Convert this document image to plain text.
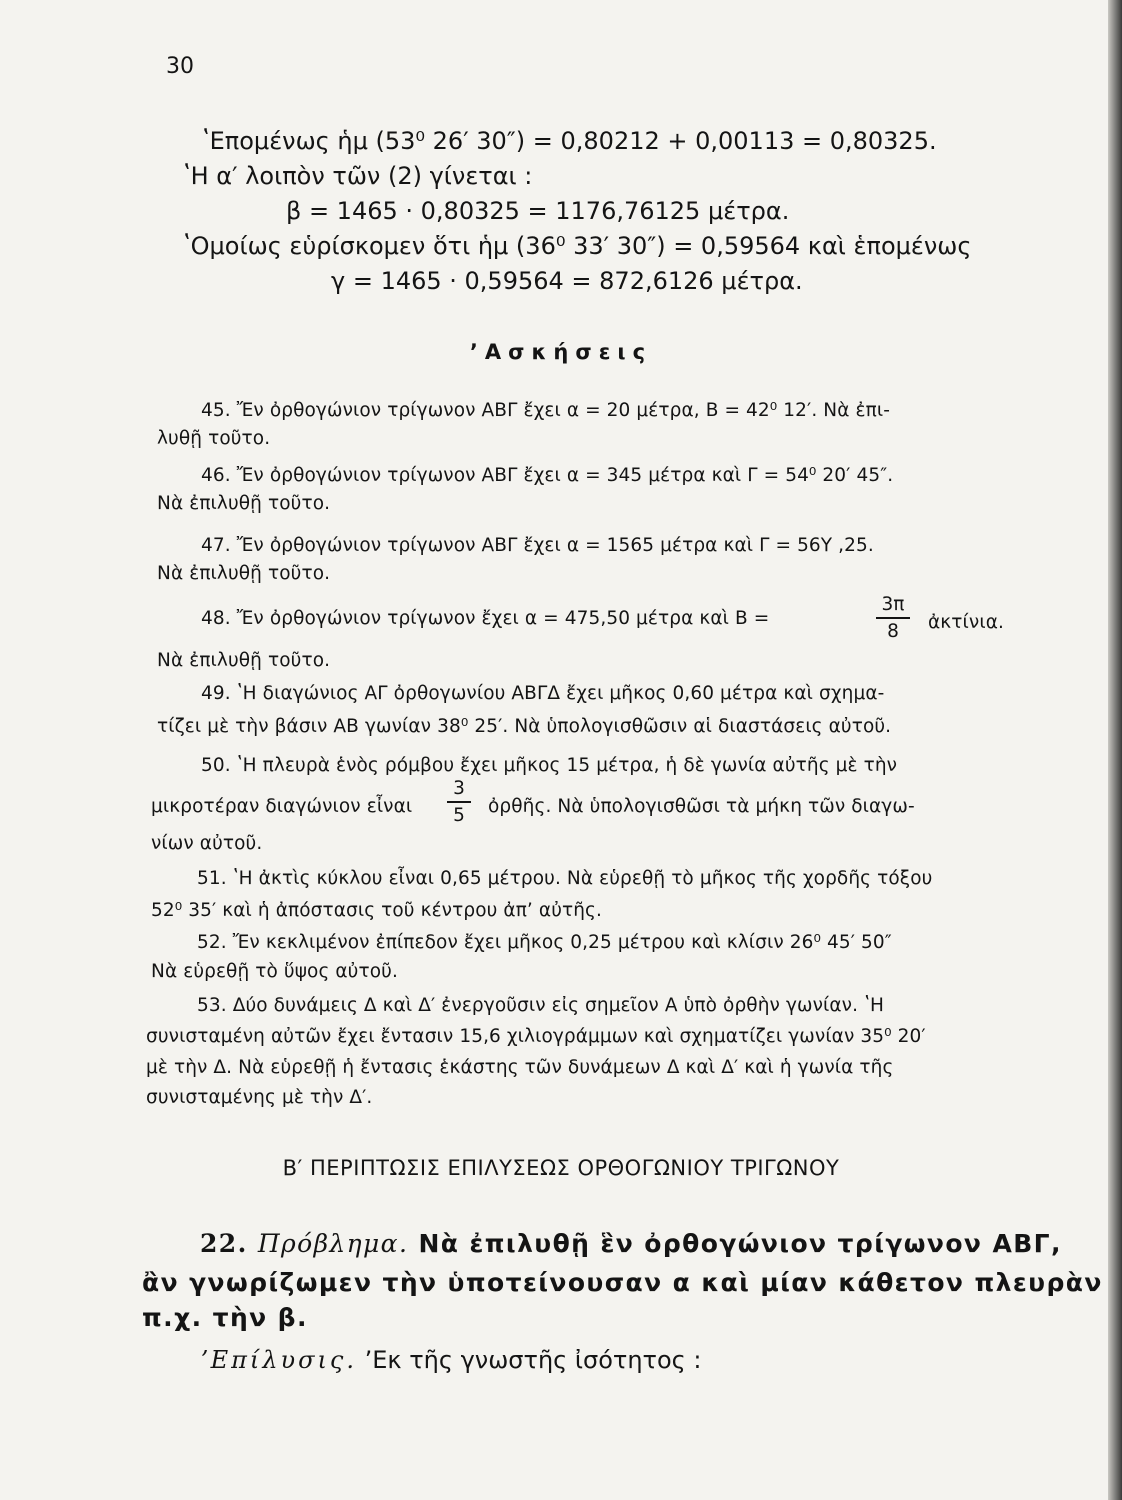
30
ʽΕπομένως ἡμ (53⁰ 26′ 30″) = 0,80212 + 0,00113 = 0,80325.
ʽΗ α′ λοιπὸν τῶν (2) γίνεται :
β = 1465 · 0,80325 = 1176,76125 μέτρα.
ʽΟμοίως εὑρίσκομεν ὅτι ἡμ (36⁰ 33′ 30″) = 0,59564 καὶ ἑπομένως
γ = 1465 · 0,59564 = 872,6126 μέτρα.
ʼΑσκήσεις
45. Ἔν ὀρθογώνιον τρίγωνον ΑΒΓ ἔχει α = 20 μέτρα, Β = 42⁰ 12′. Νὰ ἐπι-
λυθῇ τοῦτο.
46. Ἔν ὀρθογώνιον τρίγωνον ΑΒΓ ἔχει α = 345 μέτρα καὶ Γ = 54⁰ 20′ 45″.
Νὰ ἐπιλυθῇ τοῦτο.
47. Ἔν ὀρθογώνιον τρίγωνον ΑΒΓ ἔχει α = 1565 μέτρα καὶ Γ = 56Υ ,25.
Νὰ ἐπιλυθῇ τοῦτο.
48. Ἔν ὀρθογώνιον τρίγωνον ἔχει α = 475,50 μέτρα καὶ Β =
3π
8	ἀκτίνια.
Νὰ ἐπιλυθῇ τοῦτο.
49. ʽΗ διαγώνιος ΑΓ ὀρθογωνίου ΑΒΓΔ ἔχει μῆκος 0,60 μέτρα καὶ σχημα-
τίζει μὲ τὴν βάσιν ΑΒ γωνίαν 38⁰ 25′. Νὰ ὑπολογισθῶσιν αἱ διαστάσεις αὐτοῦ.
50. ʽΗ πλευρὰ ἑνὸς ρόμβου ἔχει μῆκος 15 μέτρα, ἡ δὲ γωνία αὐτῆς μὲ τὴν
μικροτέραν διαγώνιον εἶναι
3
5	ὀρθῆς. Νὰ ὑπολογισθῶσι τὰ μήκη τῶν διαγω-
νίων αὐτοῦ.
51. ʽΗ ἀκτὶς κύκλου εἶναι 0,65 μέτρου. Νὰ εὑρεθῇ τὸ μῆκος τῆς χορδῆς τόξου
52⁰ 35′ καὶ ἡ ἀπόστασις τοῦ κέντρου ἀπ’ αὐτῆς.
52. Ἔν κεκλιμένον ἐπίπεδον ἔχει μῆκος 0,25 μέτρου καὶ κλίσιν 26⁰ 45′ 50″
Νὰ εὑρεθῇ τὸ ὕψος αὐτοῦ.
53. Δύο δυνάμεις Δ καὶ Δ′ ἐνεργοῦσιν εἰς σημεῖον Α ὑπὸ ὀρθὴν γωνίαν. ʽΗ
συνισταμένη αὐτῶν ἔχει ἔντασιν 15,6 χιλιογράμμων καὶ σχηματίζει γωνίαν 35⁰ 20′
μὲ τὴν Δ. Νὰ εὑρεθῇ ἡ ἔντασις ἑκάστης τῶν δυνάμεων Δ καὶ Δ′ καὶ ἡ γωνία τῆς
συνισταμένης μὲ τὴν Δ′.
Β′ ΠΕΡΙΠΤΩΣΙΣ ΕΠΙΛΥΣΕΩΣ ΟΡΘΟΓΩΝΙΟΥ ΤΡΙΓΩΝΟΥ
22. Πρόβλημα. Νὰ ἐπιλυθῇ ἓν ὀρθογώνιον τρίγωνον ΑΒΓ,
ἂν γνωρίζωμεν τὴν ὑποτείνουσαν α καὶ μίαν κάθετον πλευρὰν
π.χ. τὴν β.
ʼΕπίλυσις. ʼΕκ τῆς γνωστῆς ἰσότητος :
